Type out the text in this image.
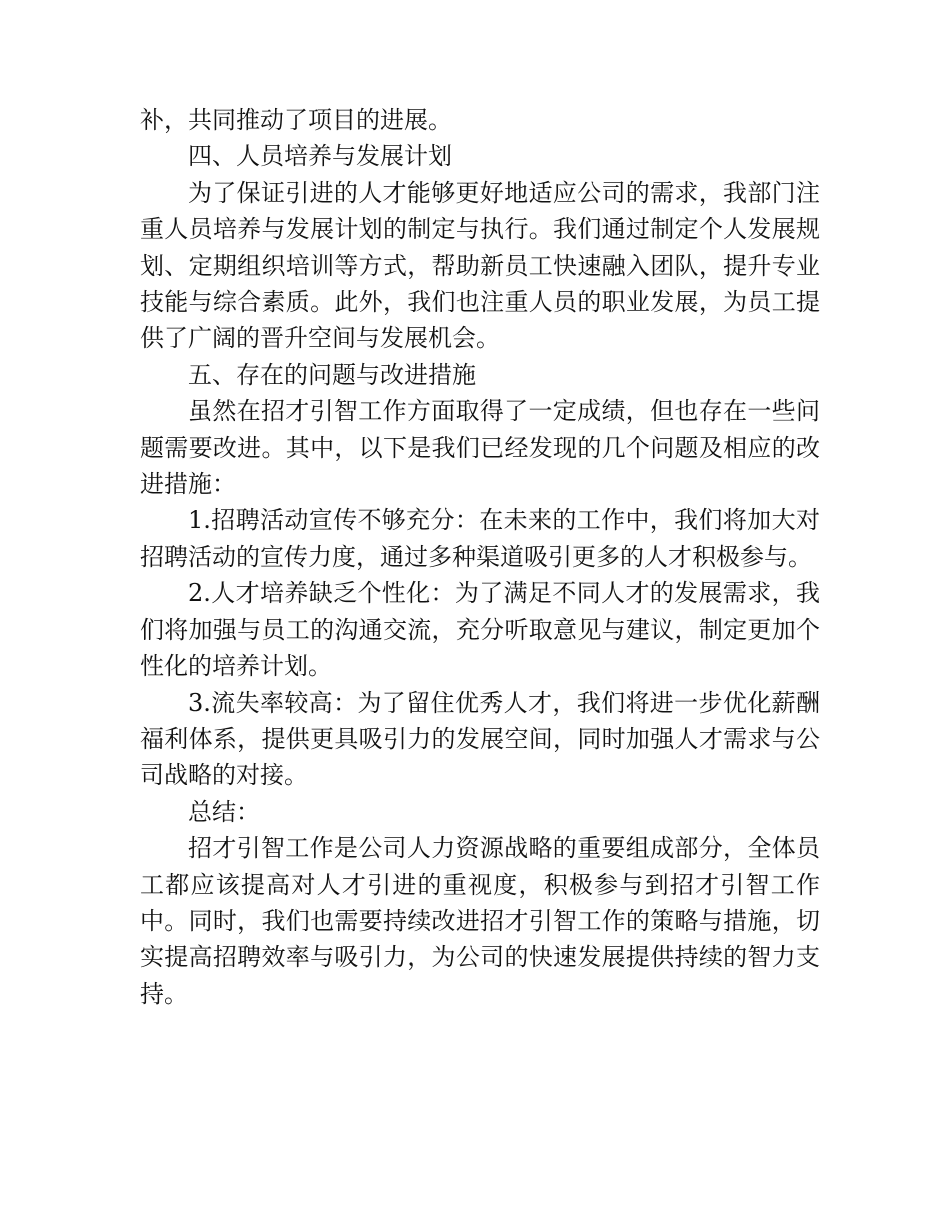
补，共同推动了项目的进展。

四、人员培养与发展计划

为了保证引进的人才能够更好地适应公司的需求，我部门注重人员培养与发展计划的制定与执行。我们通过制定个人发展规划、定期组织培训等方式，帮助新员工快速融入团队，提升专业技能与综合素质。此外，我们也注重人员的职业发展，为员工提供了广阔的晋升空间与发展机会。

五、存在的问题与改进措施

虽然在招才引智工作方面取得了一定成绩，但也存在一些问题需要改进。其中，以下是我们已经发现的几个问题及相应的改进措施：

1.招聘活动宣传不够充分：在未来的工作中，我们将加大对招聘活动的宣传力度，通过多种渠道吸引更多的人才积极参与。

2.人才培养缺乏个性化：为了满足不同人才的发展需求，我们将加强与员工的沟通交流，充分听取意见与建议，制定更加个性化的培养计划。

3.流失率较高：为了留住优秀人才，我们将进一步优化薪酬福利体系，提供更具吸引力的发展空间，同时加强人才需求与公司战略的对接。

总结：

招才引智工作是公司人力资源战略的重要组成部分，全体员工都应该提高对人才引进的重视度，积极参与到招才引智工作中。同时，我们也需要持续改进招才引智工作的策略与措施，切实提高招聘效率与吸引力，为公司的快速发展提供持续的智力支持。
